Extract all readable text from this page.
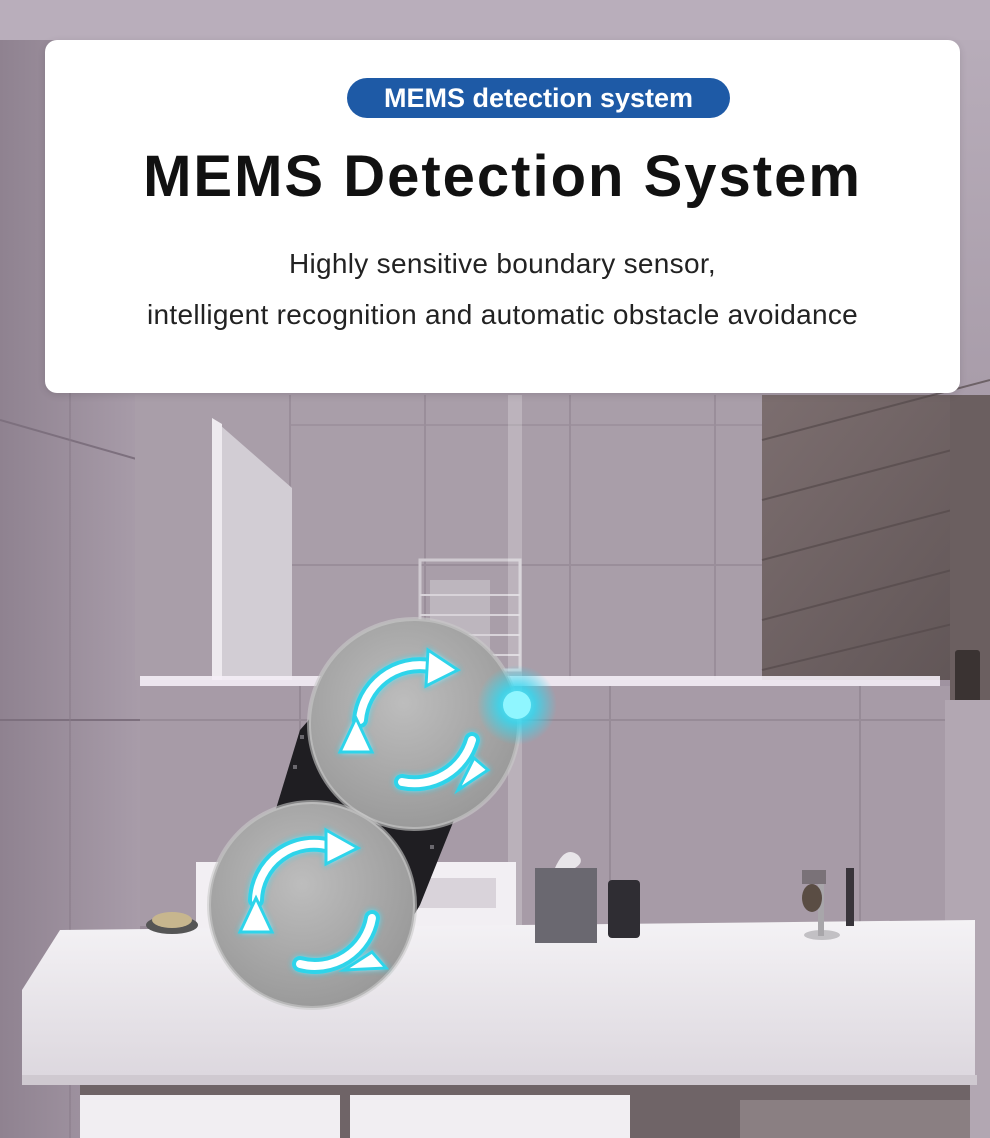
MEMS detection system
MEMS Detection System
Highly sensitive boundary sensor,
intelligent recognition and automatic obstacle avoidance
